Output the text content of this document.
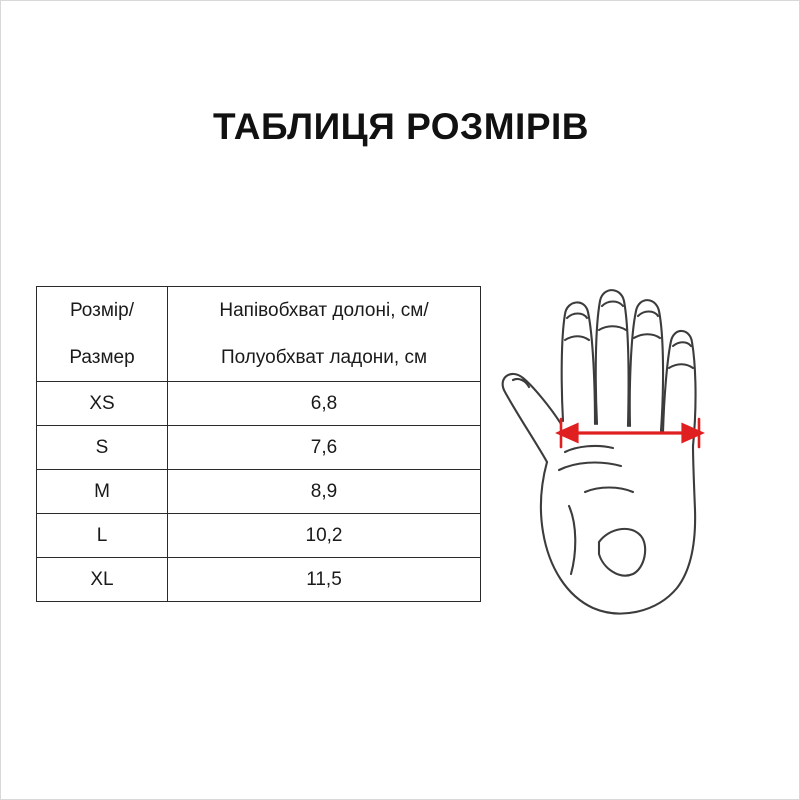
ТАБЛИЦЯ РОЗМІРІВ
Розмір/	Напівобхват долоні, см/
Размер	Полуобхват ладони, см
XS	6,8
S	7,6
M	8,9
L	10,2
XL	11,5
